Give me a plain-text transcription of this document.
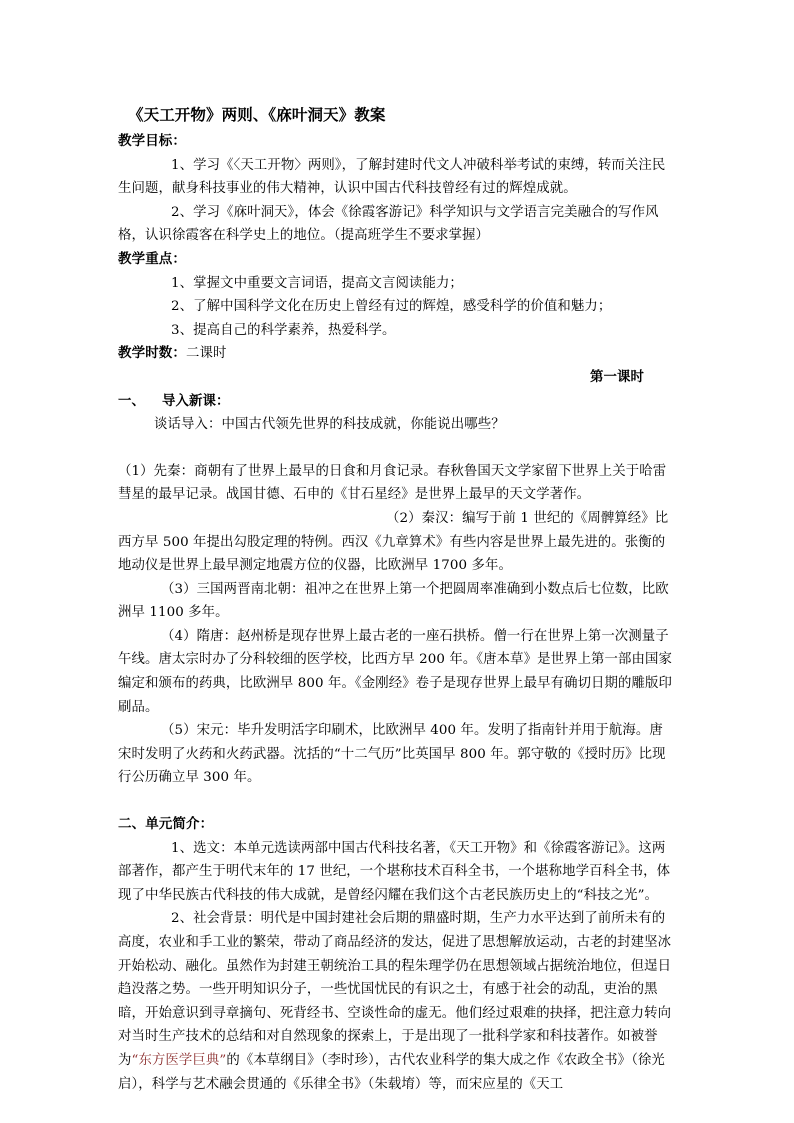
《天工开物》两则、《庥叶洞天》教案

教学目标：

1、学习《〈天工开物〉两则》，了解封建时代文人冲破科举考试的束缚，转而关注民生问题，献身科技事业的伟大精神，认识中国古代科技曾经有过的辉煌成就。

2、学习《庥叶洞天》，体会《徐霞客游记》科学知识与文学语言完美融合的写作风格，认识徐霞客在科学史上的地位。（提高班学生不要求掌握）

教学重点：

1、掌握文中重要文言词语，提高文言阅读能力；

2、了解中国科学文化在历史上曾经有过的辉煌，感受科学的价值和魅力；

3、提高自己的科学素养，热爱科学。

教学时数：二课时

第一课时

一、 导入新课：

谈话导入：中国古代领先世界的科技成就，你能说出哪些？

（1）先秦：商朝有了世界上最早的日食和月食记录。春秋鲁国天文学家留下世界上关于哈雷彗星的最早记录。战国甘德、石申的《甘石星经》是世界上最早的天文学著作。

（2）秦汉：编写于前 1 世纪的《周髀算经》比西方早 500 年提出勾股定理的特例。西汉《九章算术》有些内容是世界上最先进的。张衡的地动仪是世界上最早测定地震方位的仪器，比欧洲早 1700 多年。

（3）三国两晋南北朝：祖冲之在世界上第一个把圆周率准确到小数点后七位数，比欧洲早 1100 多年。

（4）隋唐：赵州桥是现存世界上最古老的一座石拱桥。僧一行在世界上第一次测量子午线。唐太宗时办了分科较细的医学校，比西方早 200 年。《唐本草》是世界上第一部由国家编定和颁布的药典，比欧洲早 800 年。《金刚经》卷子是现存世界上最早有确切日期的雕版印刷品。

（5）宋元：毕升发明活字印刷术，比欧洲早 400 年。发明了指南针并用于航海。唐宋时发明了火药和火药武器。沈括的“十二气历”比英国早 800 年。郭守敬的《授时历》比现行公历确立早 300 年。

二、单元简介：

1、选文：本单元选读两部中国古代科技名著，《天工开物》和《徐霞客游记》。这两部著作，都产生于明代末年的 17 世纪，一个堪称技术百科全书，一个堪称地学百科全书，体现了中华民族古代科技的伟大成就，是曾经闪耀在我们这个古老民族历史上的“科技之光”。

2、社会背景：明代是中国封建社会后期的鼎盛时期，生产力水平达到了前所未有的高度，农业和手工业的繁荣，带动了商品经济的发达，促进了思想解放运动，古老的封建坚冰开始松动、融化。虽然作为封建王朝统治工具的程朱理学仍在思想领域占据统治地位，但逞日趋没落之势。一些开明知识分子，一些忧国忧民的有识之士，有感于社会的动乱，吏治的黑暗，开始意识到寻章摘句、死背经书、空谈性命的虚无。他们经过艰难的抉择，把注意力转向对当时生产技术的总结和对自然现象的探索上，于是出现了一批科学家和科技著作。如被誉为“东方医学巨典”的《本草纲目》（李时珍），古代农业科学的集大成之作《农政全书》（徐光启），科学与艺术融会贯通的《乐律全书》（朱载堉）等，而宋应星的《天工
